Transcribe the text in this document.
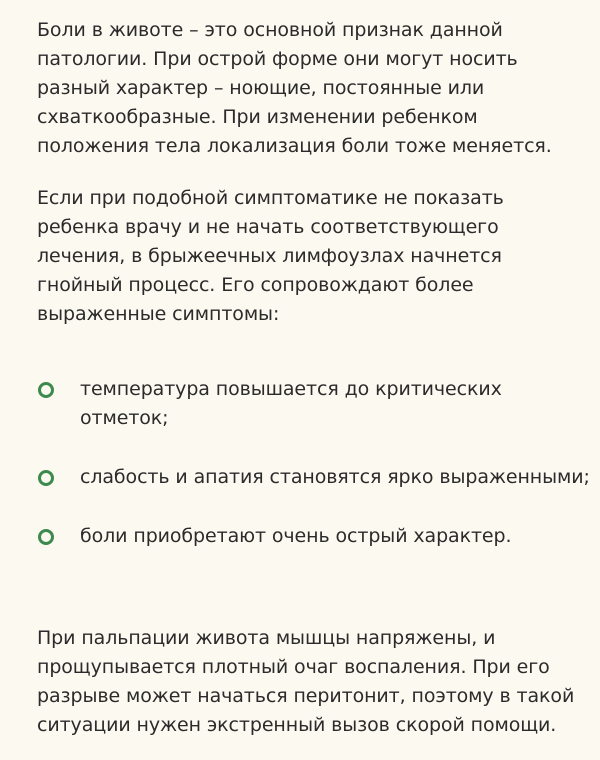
Боли в животе – это основной признак данной патологии. При острой форме они могут носить разный характер – ноющие, постоянные или схваткообразные. При изменении ребенком положения тела локализация боли тоже меняется.

Если при подобной симптоматике не показать ребенка врачу и не начать соответствующего лечения, в брыжеечных лимфоузлах начнется гнойный процесс. Его сопровождают более выраженные симптомы:

температура повышается до критических отметок;
слабость и апатия становятся ярко выраженными;
боли приобретают очень острый характер.

При пальпации живота мышцы напряжены, и прощупывается плотный очаг воспаления. При его разрыве может начаться перитонит, поэтому в такой ситуации нужен экстренный вызов скорой помощи.
